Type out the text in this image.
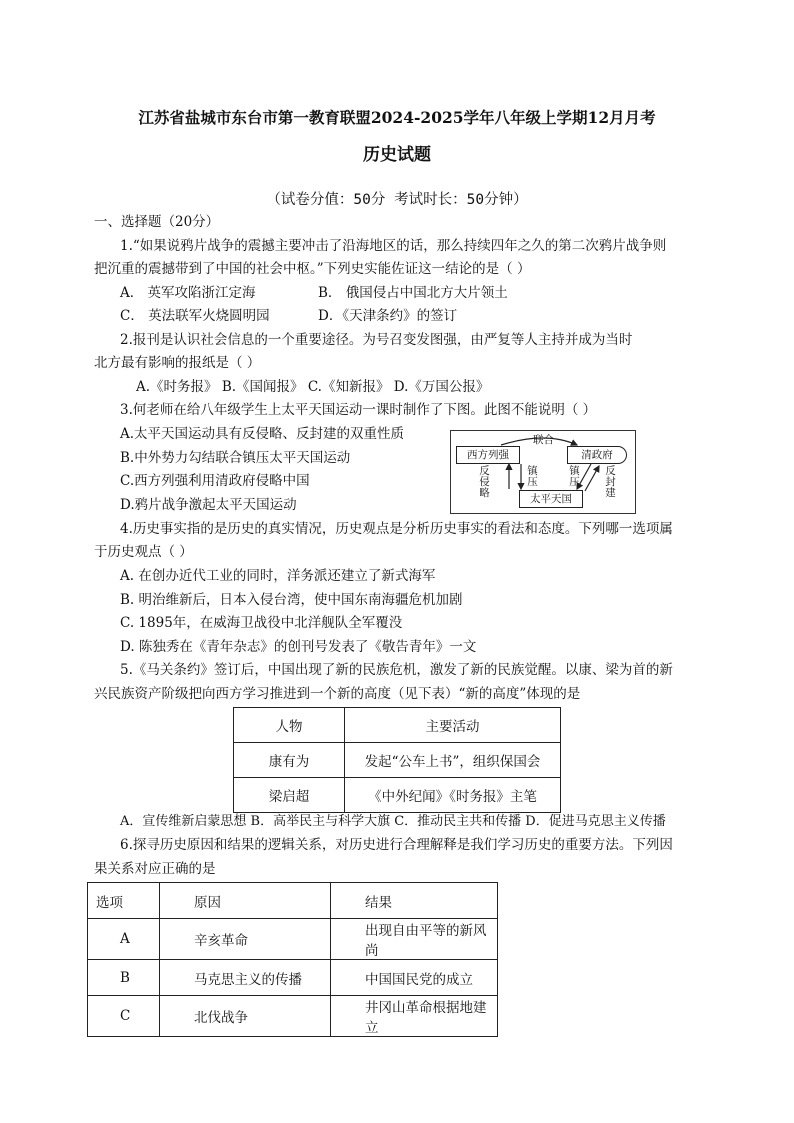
江苏省盐城市东台市第一教育联盟2024-2025学年八年级上学期12月月考
历史试题
（试卷分值：50分 考试时长：50分钟）
一、选择题（20分）
1.“如果说鸦片战争的震撼主要冲击了沿海地区的话，那么持续四年之久的第二次鸦片战争则
把沉重的震撼带到了中国的社会中枢。”下列史实能佐证这一结论的是（ ）
A． 英军攻陷浙江定海	B． 俄国侵占中国北方大片领土
C． 英法联军火烧圆明园	D．《天津条约》的签订
2.报刊是认识社会信息的一个重要途径。为号召变发图强，由严复等人主持并成为当时
北方最有影响的报纸是（ ）
A.《时务报》 B.《国闻报》 C.《知新报》 D.《万国公报》
3.何老师在给八年级学生上太平天国运动一课时制作了下图。此图不能说明（ ）
A.太平天国运动具有反侵略、反封建的双重性质
B.中外势力勾结联合镇压太平天国运动
C.西方列强利用清政府侵略中国
D.鸦片战争激起太平天国运动
西方列强	清政府
太平天国
联合
反侵略
镇压
镇压
反封建
4.历史事实指的是历史的真实情况，历史观点是分析历史事实的看法和态度。下列哪一选项属
于历史观点（ ）
A. 在创办近代工业的同时，洋务派还建立了新式海军
B. 明治维新后，日本入侵台湾，使中国东南海疆危机加剧
C. 1895年，在威海卫战役中北洋舰队全军覆没
D. 陈独秀在《青年杂志》的创刊号发表了《敬告青年》一文
5.《马关条约》签订后，中国出现了新的民族危机，激发了新的民族觉醒。以康、梁为首的新
兴民族资产阶级把向西方学习推进到一个新的高度（见下表）“新的高度”体现的是
人物	主要活动
康有为	发起“公车上书”，组织保国会
梁启超	《中外纪闻》《时务报》主笔
A．宣传维新启蒙思想 B．高举民主与科学大旗 C．推动民主共和传播 D．促进马克思主义传播
6.探寻历史原因和结果的逻辑关系，对历史进行合理解释是我们学习历史的重要方法。下列因
果关系对应正确的是
选项	原因	结果
A	辛亥革命	出现自由平等的新风尚
B	马克思主义的传播	中国国民党的成立
C	北伐战争	井冈山革命根据地建立
